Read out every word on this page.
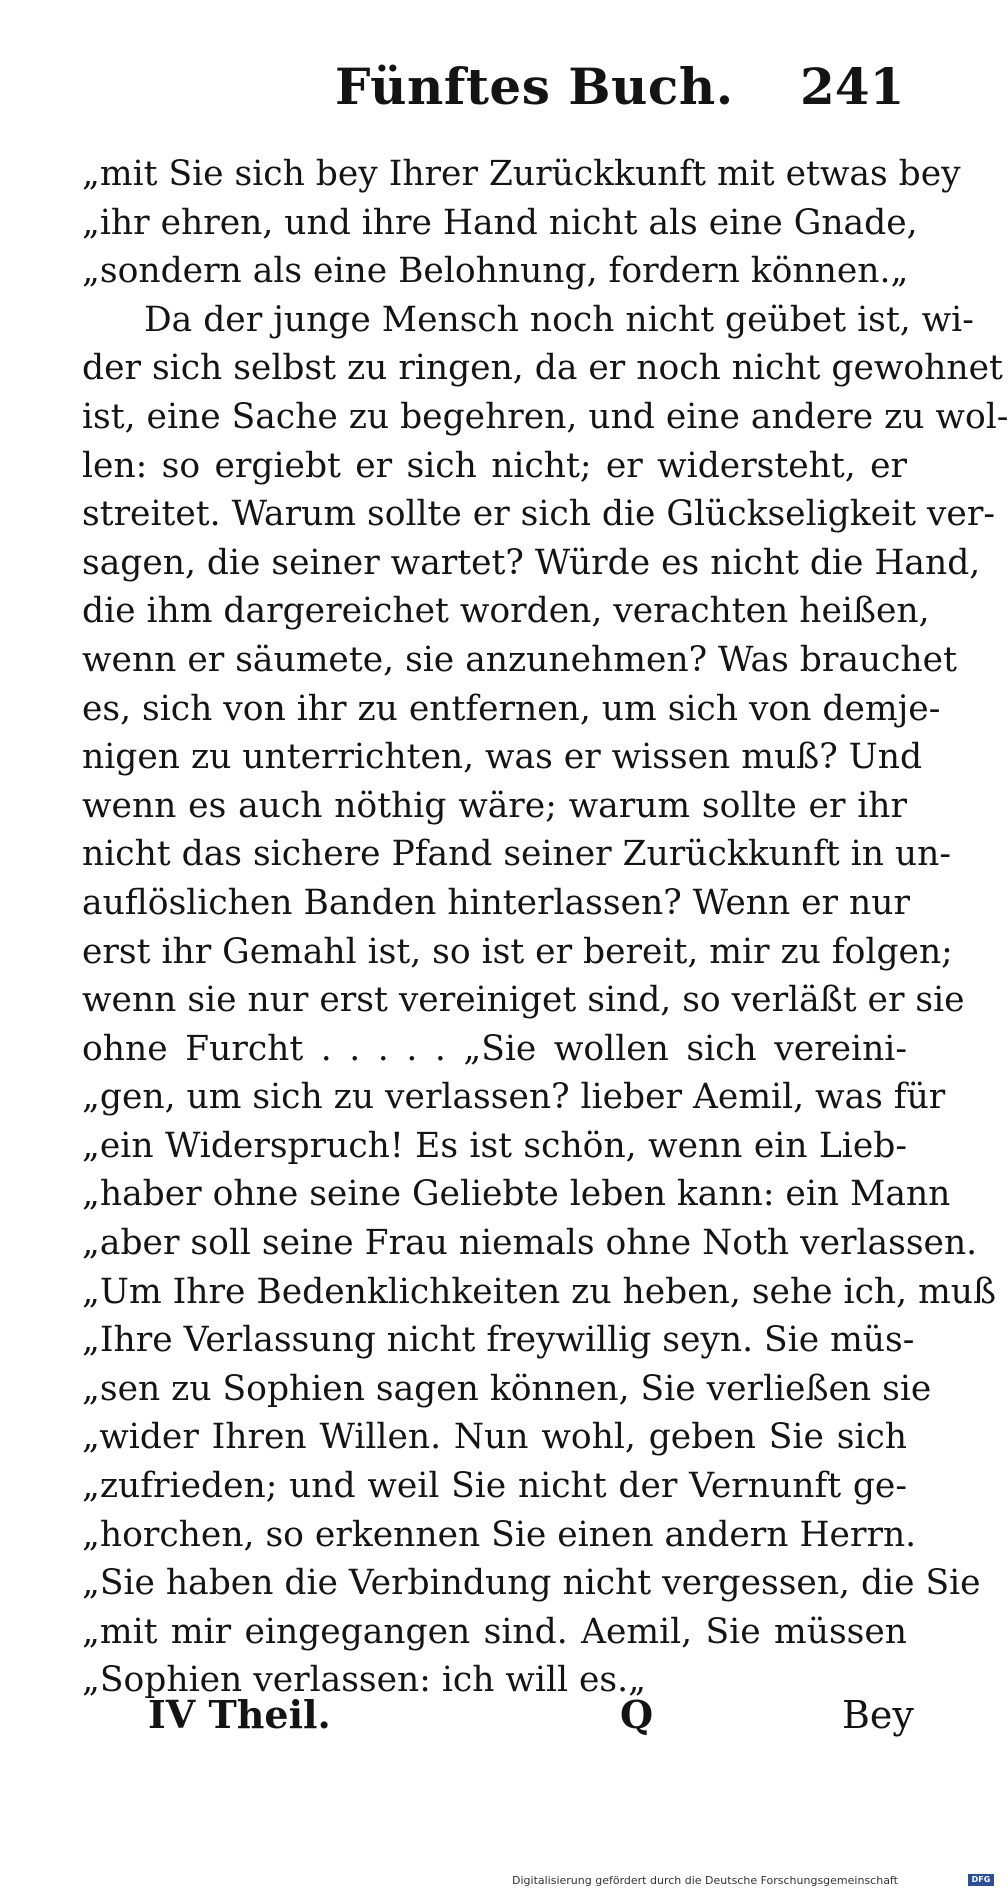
Fünftes Buch. 241
„mit Sie sich bey Ihrer Zurückkunft mit etwas bey
„ihr ehren, und ihre Hand nicht als eine Gnade,
„sondern als eine Belohnung, fordern können.„
Da der junge Mensch noch nicht geübet ist, wi-
der sich selbst zu ringen, da er noch nicht gewohnet
ist, eine Sache zu begehren, und eine andere zu wol-
len: so ergiebt er sich nicht; er widersteht, er
streitet. Warum sollte er sich die Glückseligkeit ver-
sagen, die seiner wartet? Würde es nicht die Hand,
die ihm dargereichet worden, verachten heißen,
wenn er säumete, sie anzunehmen? Was brauchet
es, sich von ihr zu entfernen, um sich von demje-
nigen zu unterrichten, was er wissen muß? Und
wenn es auch nöthig wäre; warum sollte er ihr
nicht das sichere Pfand seiner Zurückkunft in un-
auflöslichen Banden hinterlassen? Wenn er nur
erst ihr Gemahl ist, so ist er bereit, mir zu folgen;
wenn sie nur erst vereiniget sind, so verläßt er sie
ohne Furcht . . . . . „Sie wollen sich vereini-
„gen, um sich zu verlassen? lieber Aemil, was für
„ein Widerspruch! Es ist schön, wenn ein Lieb-
„haber ohne seine Geliebte leben kann: ein Mann
„aber soll seine Frau niemals ohne Noth verlassen.
„Um Ihre Bedenklichkeiten zu heben, sehe ich, muß
„Ihre Verlassung nicht freywillig seyn. Sie müs-
„sen zu Sophien sagen können, Sie verließen sie
„wider Ihren Willen. Nun wohl, geben Sie sich
„zufrieden; und weil Sie nicht der Vernunft ge-
„horchen, so erkennen Sie einen andern Herrn.
„Sie haben die Verbindung nicht vergessen, die Sie
„mit mir eingegangen sind. Aemil, Sie müssen
„Sophien verlassen: ich will es.„
IV Theil.	Q	Bey
Digitalisierung gefördert durch die Deutsche Forschungsgemeinschaft	DFG
